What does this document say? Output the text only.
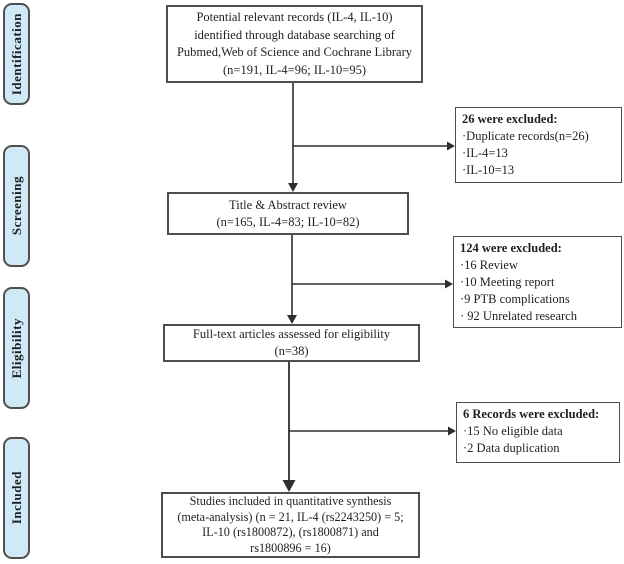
Identification
Screening
Eligibility
Included
Potential relevant records (IL-4, IL-10)
identified through database searching of
Pubmed,Web of Science and Cochrane Library
(n=191, IL-4=96; IL-10=95)
Title & Abstract review
(n=165, IL-4=83; IL-10=82)
Full-text articles assessed for eligibility
(n=38)
Studies included in quantitative synthesis
(meta-analysis) (n = 21, IL-4 (rs2243250) = 5;
IL-10 (rs1800872), (rs1800871) and
rs1800896 = 16)
26 were excluded:
·Duplicate records(n=26)
·IL-4=13
·IL-10=13
124 were excluded:
·16 Review
·10 Meeting report
·9 PTB complications
· 92 Unrelated research
6 Records were excluded:
·15 No eligible data
·2 Data duplication
